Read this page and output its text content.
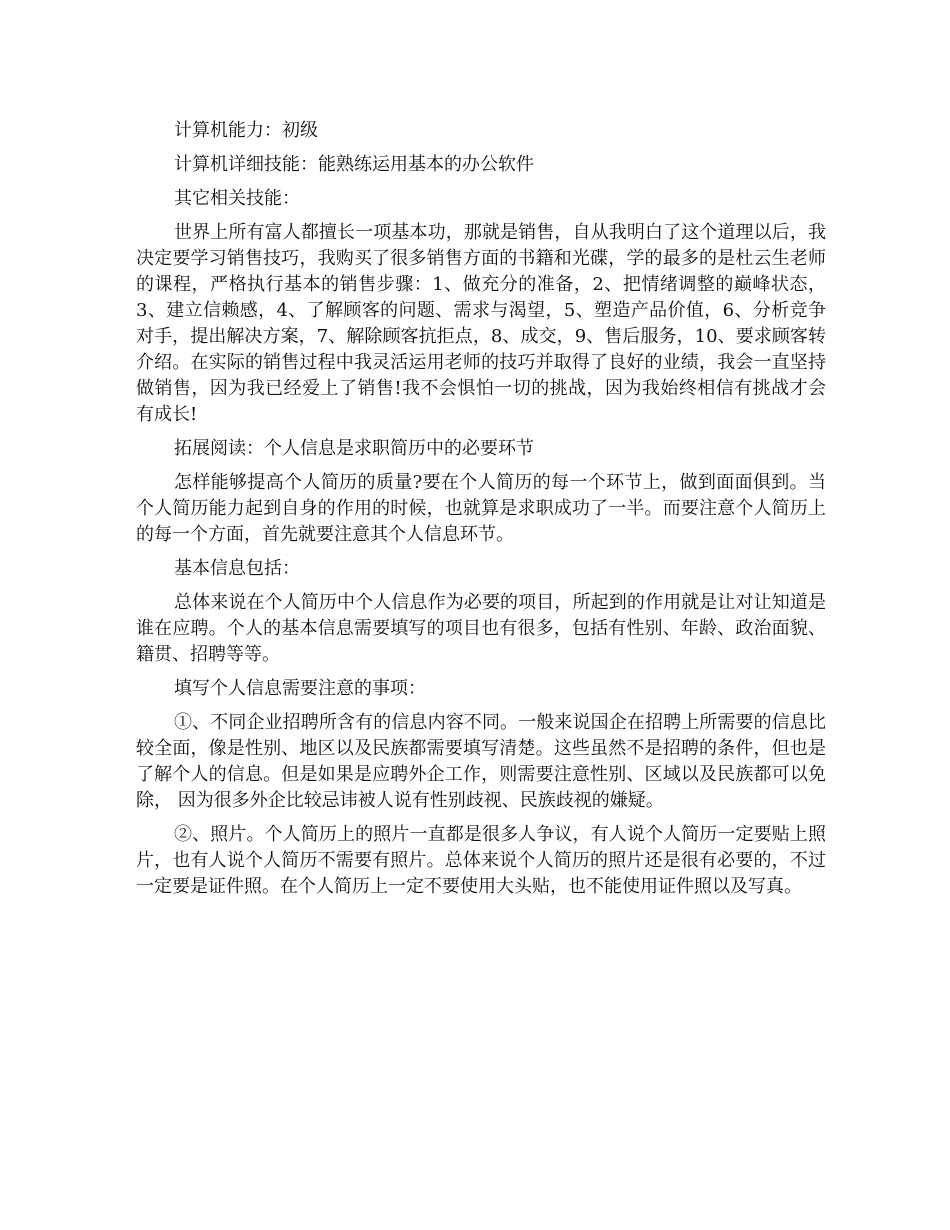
计算机能力：初级

计算机详细技能：能熟练运用基本的办公软件

其它相关技能：

世界上所有富人都擅长一项基本功，那就是销售，自从我明白了这个道理以后，我决定要学习销售技巧，我购买了很多销售方面的书籍和光碟，学的最多的是杜云生老师的课程，严格执行基本的销售步骤：1、做充分的准备，2、把情绪调整的巅峰状态，3、建立信赖感，4、了解顾客的问题、需求与渴望，5、塑造产品价值，6、分析竞争对手，提出解决方案，7、解除顾客抗拒点，8、成交，9、售后服务，10、要求顾客转介绍。在实际的销售过程中我灵活运用老师的技巧并取得了良好的业绩，我会一直坚持做销售，因为我已经爱上了销售!我不会惧怕一切的挑战，因为我始终相信有挑战才会有成长!

拓展阅读：个人信息是求职简历中的必要环节

怎样能够提高个人简历的质量?要在个人简历的每一个环节上，做到面面俱到。当个人简历能力起到自身的作用的时候，也就算是求职成功了一半。而要注意个人简历上的每一个方面，首先就要注意其个人信息环节。

基本信息包括：

总体来说在个人简历中个人信息作为必要的项目，所起到的作用就是让对让知道是谁在应聘。个人的基本信息需要填写的项目也有很多，包括有性别、年龄、政治面貌、 籍贯、招聘等等。

填写个人信息需要注意的事项：

①、不同企业招聘所含有的信息内容不同。一般来说国企在招聘上所需要的信息比较全面，像是性别、地区以及民族都需要填写清楚。这些虽然不是招聘的条件，但也是了解个人的信息。但是如果是应聘外企工作，则需要注意性别、区域以及民族都可以免除， 因为很多外企比较忌讳被人说有性别歧视、民族歧视的嫌疑。

②、照片。个人简历上的照片一直都是很多人争议，有人说个人简历一定要贴上照片，也有人说个人简历不需要有照片。总体来说个人简历的照片还是很有必要的，不过一定要是证件照。在个人简历上一定不要使用大头贴，也不能使用证件照以及写真。
